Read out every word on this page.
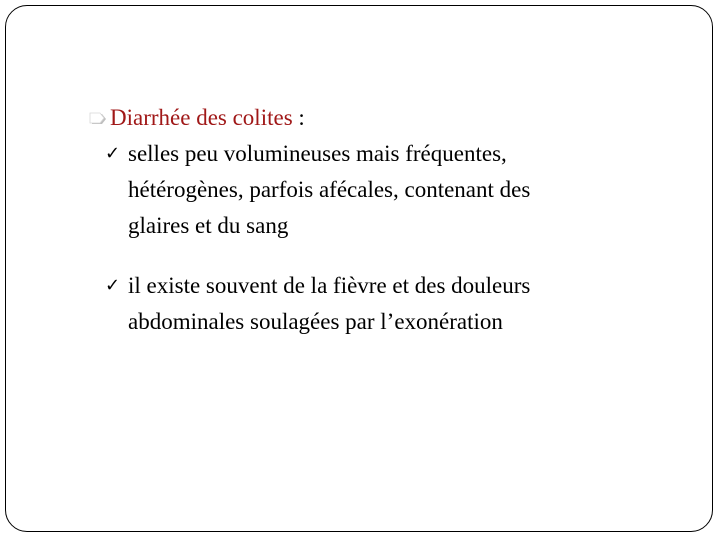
Diarrhée des colites :
✓ selles peu volumineuses mais fréquentes,
hétérogènes, parfois afécales, contenant des
glaires et du sang
✓ il existe souvent de la fièvre et des douleurs
abdominales soulagées par l’exonération
